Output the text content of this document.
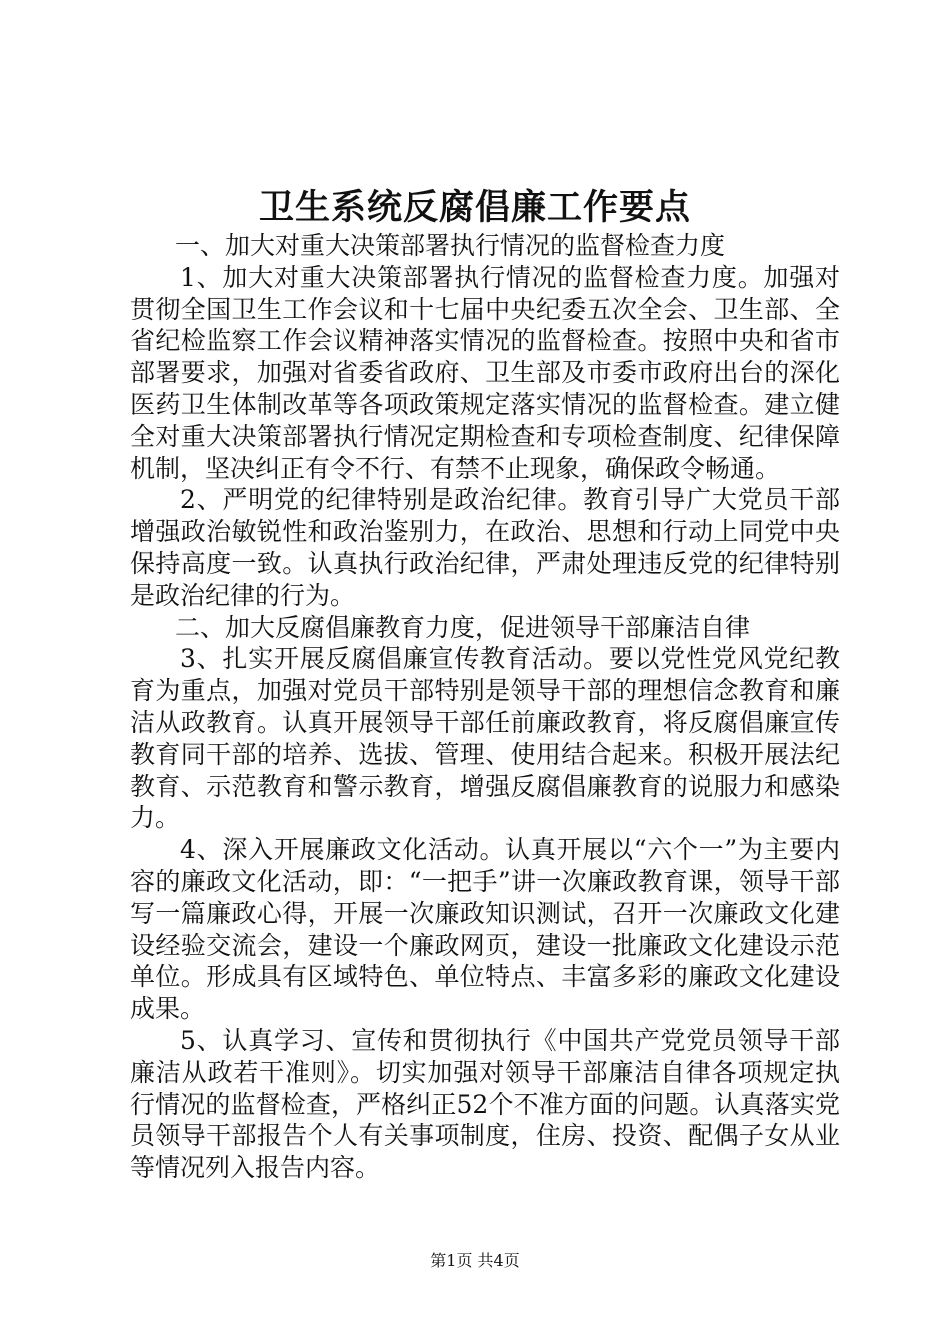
卫生系统反腐倡廉工作要点

一、加大对重大决策部署执行情况的监督检查力度

1、加大对重大决策部署执行情况的监督检查力度。加强对贯彻全国卫生工作会议和十七届中央纪委五次全会、卫生部、全省纪检监察工作会议精神落实情况的监督检查。按照中央和省市部署要求，加强对省委省政府、卫生部及市委市政府出台的深化医药卫生体制改革等各项政策规定落实情况的监督检查。建立健全对重大决策部署执行情况定期检查和专项检查制度、纪律保障机制，坚决纠正有令不行、有禁不止现象，确保政令畅通。

2、严明党的纪律特别是政治纪律。教育引导广大党员干部增强政治敏锐性和政治鉴别力，在政治、思想和行动上同党中央保持高度一致。认真执行政治纪律，严肃处理违反党的纪律特别是政治纪律的行为。

二、加大反腐倡廉教育力度，促进领导干部廉洁自律

3、扎实开展反腐倡廉宣传教育活动。要以党性党风党纪教育为重点，加强对党员干部特别是领导干部的理想信念教育和廉洁从政教育。认真开展领导干部任前廉政教育，将反腐倡廉宣传教育同干部的培养、选拔、管理、使用结合起来。积极开展法纪教育、示范教育和警示教育，增强反腐倡廉教育的说服力和感染力。

4、深入开展廉政文化活动。认真开展以“六个一”为主要内容的廉政文化活动，即：“一把手”讲一次廉政教育课，领导干部写一篇廉政心得，开展一次廉政知识测试，召开一次廉政文化建设经验交流会，建设一个廉政网页，建设一批廉政文化建设示范单位。形成具有区域特色、单位特点、丰富多彩的廉政文化建设成果。

5、认真学习、宣传和贯彻执行《中国共产党党员领导干部廉洁从政若干准则》。切实加强对领导干部廉洁自律各项规定执行情况的监督检查，严格纠正52个不准方面的问题。认真落实党员领导干部报告个人有关事项制度，住房、投资、配偶子女从业等情况列入报告内容。

第1页 共4页
